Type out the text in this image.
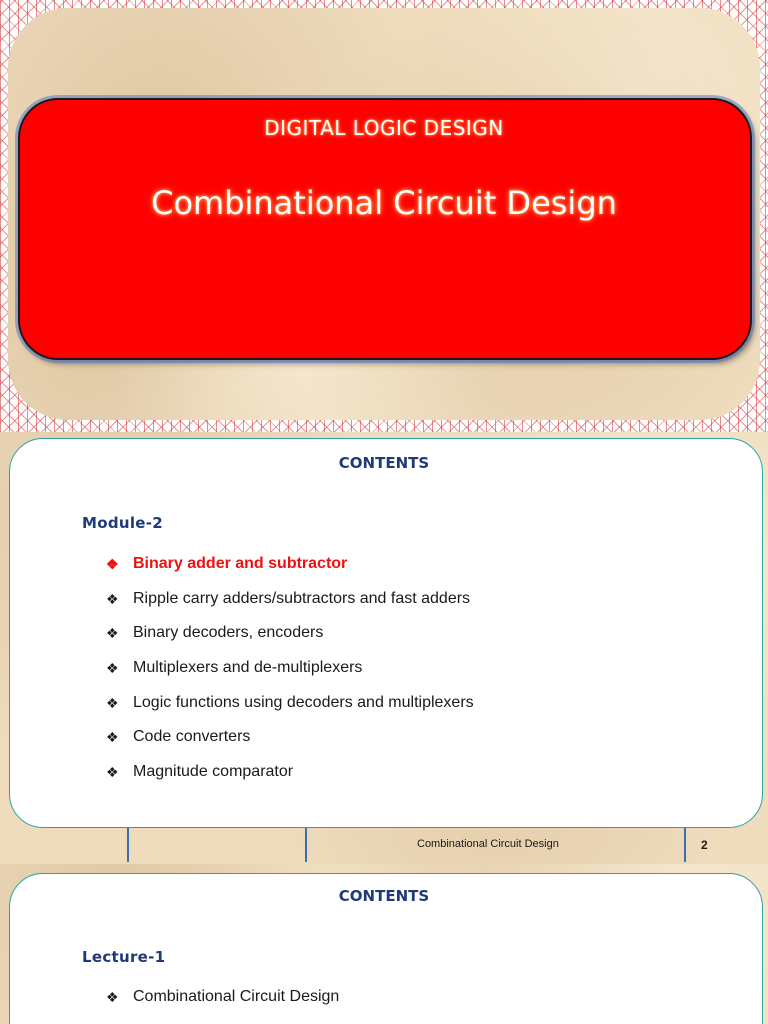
DIGITAL LOGIC DESIGN
Combinational Circuit Design
CONTENTS
Module-2
❖ Binary adder and subtractor
❖ Ripple carry adders/subtractors and fast adders
❖ Binary decoders, encoders
❖ Multiplexers and de-multiplexers
❖ Logic functions using decoders and multiplexers
❖ Code converters
❖ Magnitude comparator
Combinational Circuit Design	2
CONTENTS
Lecture-1
❖ Combinational Circuit Design
